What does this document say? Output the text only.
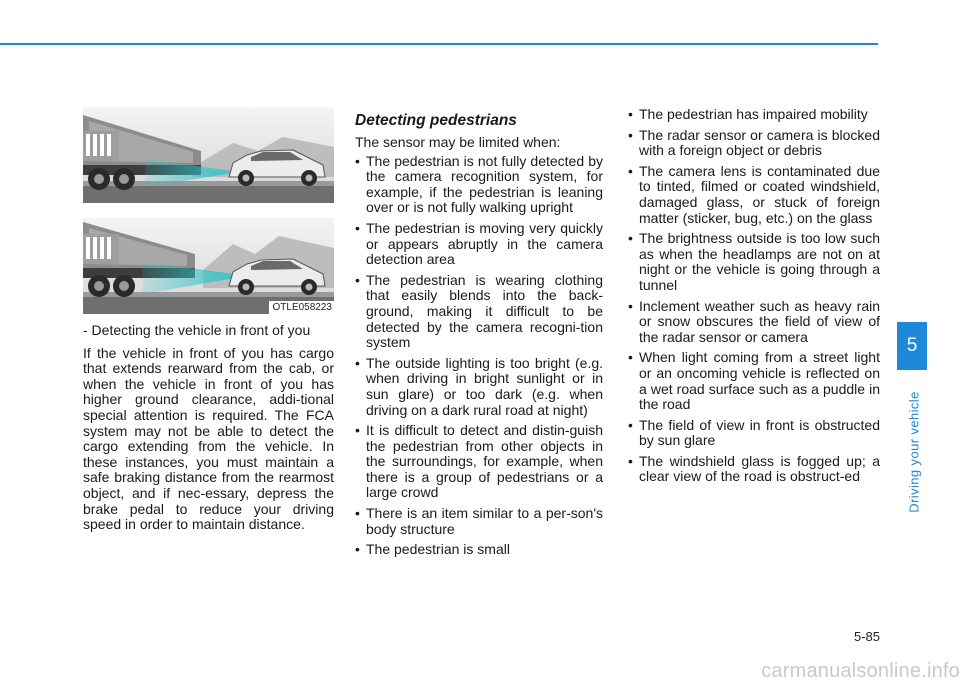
5
Driving your vehicle
OTLE058223

- Detecting the vehicle in front of you

If the vehicle in front of you has cargo that extends rearward from the cab, or when the vehicle in front of you has higher ground clearance, addi-tional special attention is required. The FCA system may not be able to detect the cargo extending from the vehicle. In these instances, you must maintain a safe braking distance from the rearmost object, and if nec-essary, depress the brake pedal to reduce your driving speed in order to maintain distance.

Detecting pedestrians

The sensor may be limited when:

• The pedestrian is not fully detected by the camera recognition system, for example, if the pedestrian is leaning over or is not fully walking upright
• The pedestrian is moving very quickly or appears abruptly in the camera detection area
• The pedestrian is wearing clothing that easily blends into the back-ground, making it difficult to be detected by the camera recogni-tion system
• The outside lighting is too bright (e.g. when driving in bright sunlight or in sun glare) or too dark (e.g. when driving on a dark rural road at night)
• It is difficult to detect and distin-guish the pedestrian from other objects in the surroundings, for example, when there is a group of pedestrians or a large crowd
• There is an item similar to a per-son's body structure
• The pedestrian is small
• The pedestrian has impaired mobility
• The radar sensor or camera is blocked with a foreign object or debris
• The camera lens is contaminated due to tinted, filmed or coated windshield, damaged glass, or stuck of foreign matter (sticker, bug, etc.) on the glass
• The brightness outside is too low such as when the headlamps are not on at night or the vehicle is going through a tunnel
• Inclement weather such as heavy rain or snow obscures the field of view of the radar sensor or camera
• When light coming from a street light or an oncoming vehicle is reflected on a wet road surface such as a puddle in the road
• The field of view in front is obstructed by sun glare
• The windshield glass is fogged up; a clear view of the road is obstruct-ed
5-85
carmanualsonline.info
